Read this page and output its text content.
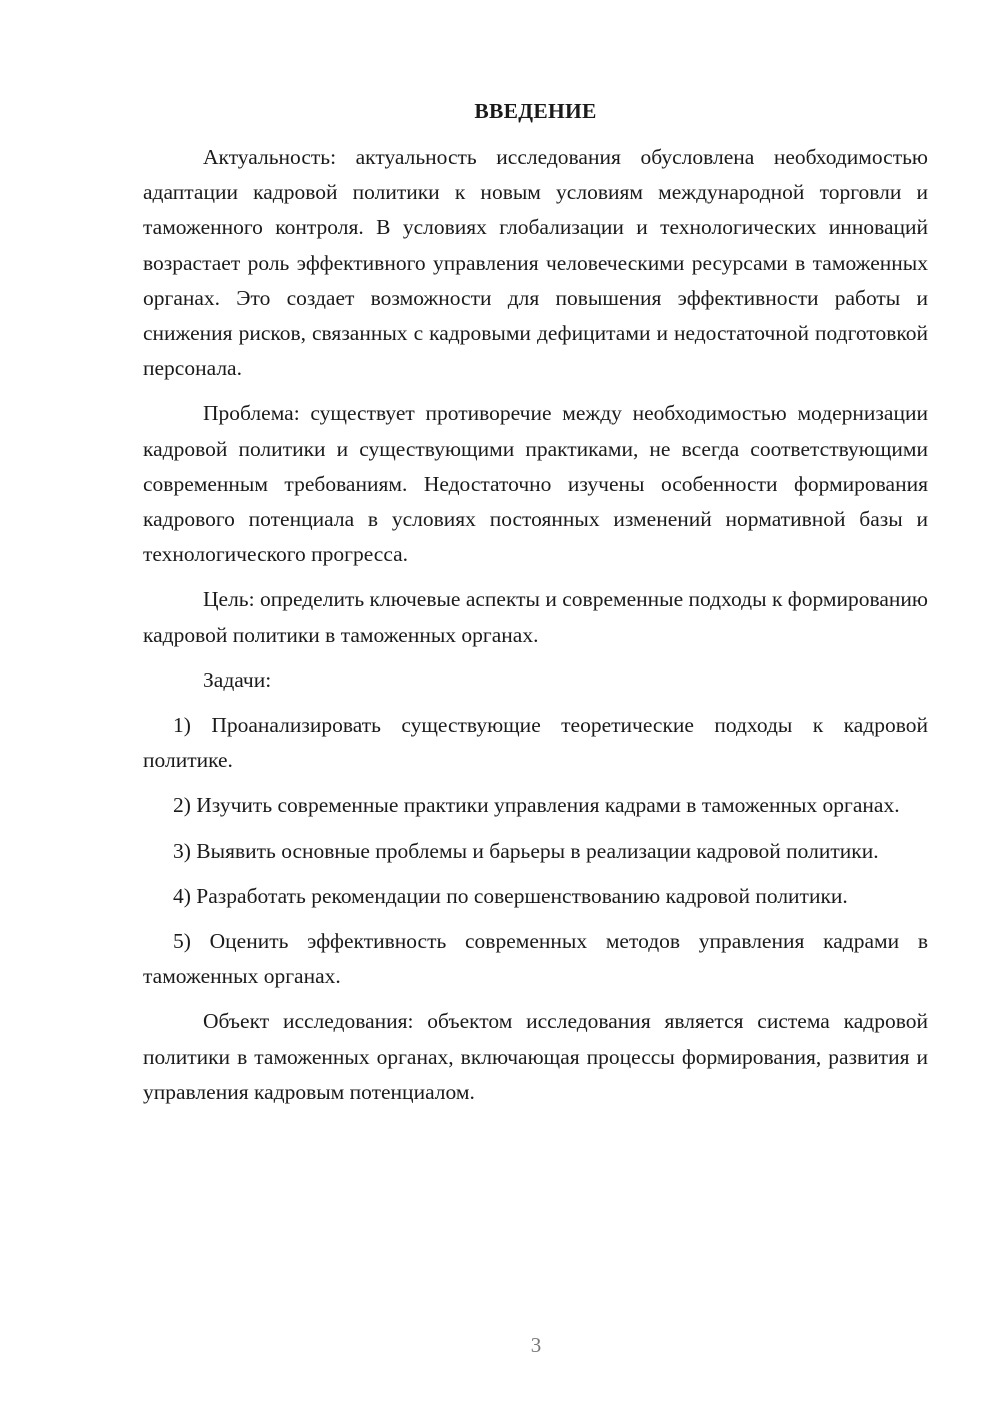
ВВЕДЕНИЕ

Актуальность: актуальность исследования обусловлена необходимостью адаптации кадровой политики к новым условиям международной торговли и таможенного контроля. В условиях глобализации и технологических инноваций возрастает роль эффективного управления человеческими ресурсами в таможенных органах. Это создает возможности для повышения эффективности работы и снижения рисков, связанных с кадровыми дефицитами и недостаточной подготовкой персонала.

Проблема: существует противоречие между необходимостью модернизации кадровой политики и существующими практиками, не всегда соответствующими современным требованиям. Недостаточно изучены особенности формирования кадрового потенциала в условиях постоянных изменений нормативной базы и технологического прогресса.

Цель: определить ключевые аспекты и современные подходы к формированию кадровой политики в таможенных органах.

Задачи:

1) Проанализировать существующие теоретические подходы к кадровой политике.

2) Изучить современные практики управления кадрами в таможенных органах.

3) Выявить основные проблемы и барьеры в реализации кадровой политики.

4) Разработать рекомендации по совершенствованию кадровой политики.

5) Оценить эффективность современных методов управления кадрами в таможенных органах.

Объект исследования: объектом исследования является система кадровой политики в таможенных органах, включающая процессы формирования, развития и управления кадровым потенциалом.

3
